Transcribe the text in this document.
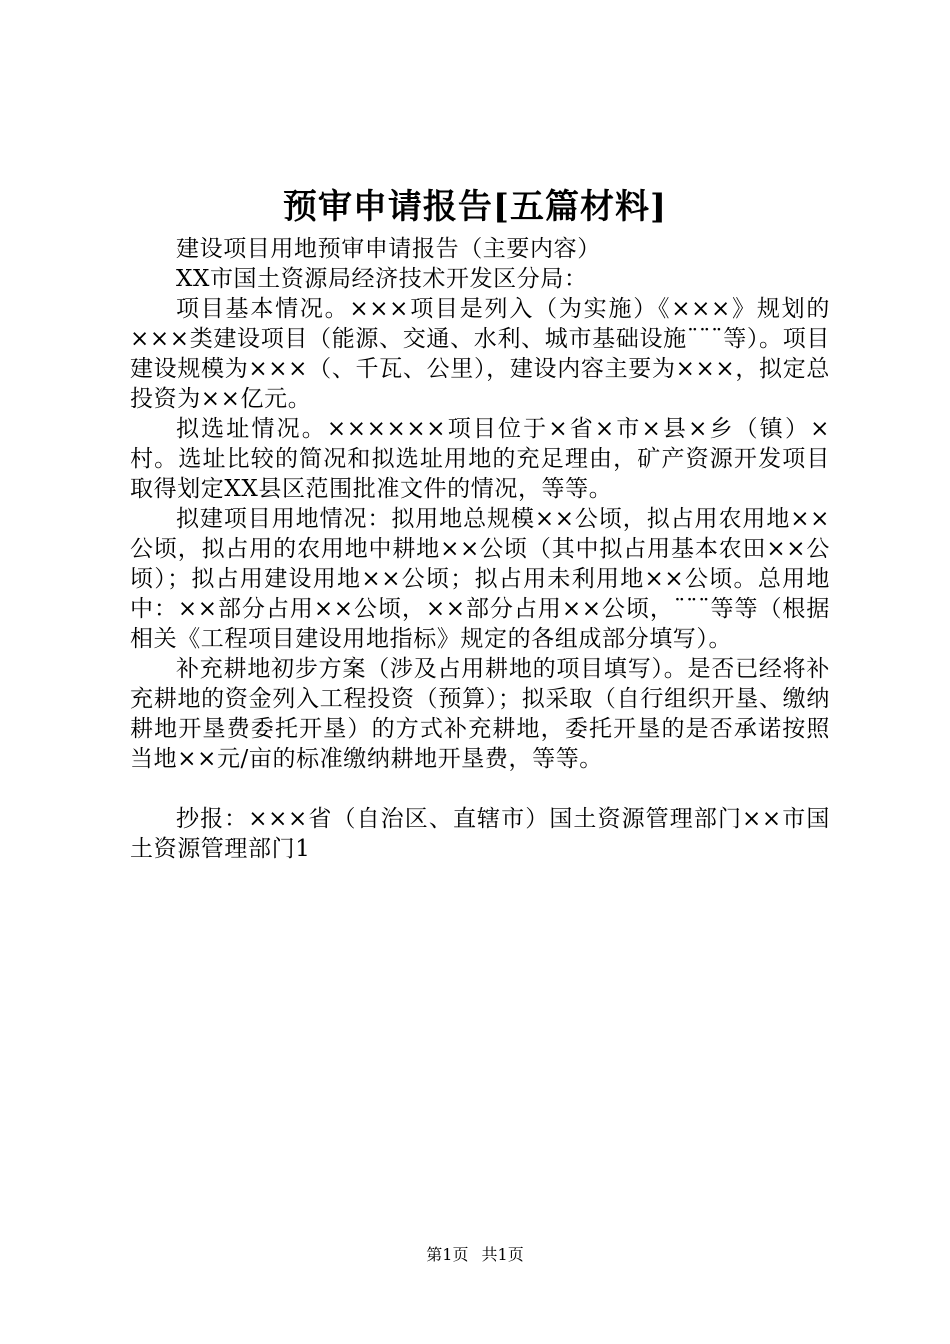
预审申请报告[五篇材料]

建设项目用地预审申请报告（主要内容）

XX市国土资源局经济技术开发区分局：

项目基本情况。×××项目是列入（为实施）《×××》规划的×××类建设项目（能源、交通、水利、城市基础设施¨¨¨等）。项目建设规模为×××（、千瓦、公里），建设内容主要为×××，拟定总投资为××亿元。

拟选址情况。××××××项目位于×省×市×县×乡（镇）×村。选址比较的简况和拟选址用地的充足理由，矿产资源开发项目取得划定XX县区范围批准文件的情况，等等。

拟建项目用地情况：拟用地总规模××公顷，拟占用农用地××公顷，拟占用的农用地中耕地××公顷（其中拟占用基本农田××公顷）；拟占用建设用地××公顷；拟占用未利用地××公顷。总用地中：××部分占用××公顷，××部分占用××公顷，¨¨¨等等（根据相关《工程项目建设用地指标》规定的各组成部分填写）。

补充耕地初步方案（涉及占用耕地的项目填写）。是否已经将补充耕地的资金列入工程投资（预算）；拟采取（自行组织开垦、缴纳耕地开垦费委托开垦）的方式补充耕地，委托开垦的是否承诺按照当地××元/亩的标准缴纳耕地开垦费，等等。

抄报：×××省（自治区、直辖市）国土资源管理部门××市国土资源管理部门1

第1页 共1页
